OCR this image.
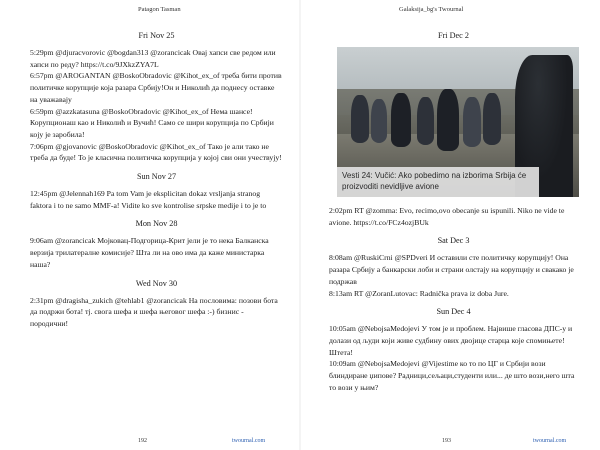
Patagon Tasman
Fri Nov 25

5:29pm @djuracvorovic @bogdan313 @zorancicak Овај хапси све редом или хапси по реду? https://t.co/9JXkzZYA7L

6:57pm @AROGANTAN @BoskoObradovic @Kihot_ex_of треба бити против политичке корупције која разара Србију!Он и Николић да поднесу оставке на уважавају

6:59pm @azzkatasuna @BoskoObradovic @Kihot_ex_of Нема шансе! Корупционаш као и Николић и Вучић! Само се шири корупција по Србији коју је заробила!

7:06pm @gjovanovic @BoskoObradovic @Kihot_ex_of Тако је али тако не треба да буде! То је класична политичка корупција у којој сви они учествују!

Sun Nov 27

12:45pm @Jelennah169 Pa tom Vam je eksplicitan dokaz vrsljanja stranog faktora i to ne samo MMF-a! Vidite ko sve kontrolise srpske medije i to je to

Mon Nov 28

9:06am @zorancicak Мојковац-Подгорица-Крит јели је то нека Балканска верзија трилатералне комисије? Шта ли на ово има да каже министарка наша?

Wed Nov 30

2:31pm @dragisha_zukich @tehlab1 @zorancicak На пословима: позови бота да подржи бота! тј. свога шефа и шефа његовог шефа :-) бизнис - породични!

192	twournal.com
Galaksija_bg's Twournal
Fri Dec 2
Vesti 24: Vučić: Ako pobedimo na izborima Srbija će proizvoditi nevidljive avione

2:02pm RT @zomma: Evo, recimo,ovo obecanje su ispunili. Niko ne vide te avione. https://t.co/FCz4ozjBUk

Sat Dec 3

8:08am @RuskiCrni @SPDveri И оставили сте политичку корупцију! Она разара Србију а банкарски лоби и страни олстају на корупцију и свакако је подржав

8:13am RT @ZoranLutovac: Radnička prava iz doba Jure.

Sun Dec 4

10:05am @NebojsaMedojevi У том је и проблем. Највише гласова ДПС-у и долази од људи који живе судбину ових двојице старца које спомињете! Штета!

10:09am @NebojsaMedojevi @Vijestime ко то по ЦГ и Србији вози блиндиране џипове? Радници,сељаци,студенти или... де што вози,него шта то вози у њим?

193	twournal.com
